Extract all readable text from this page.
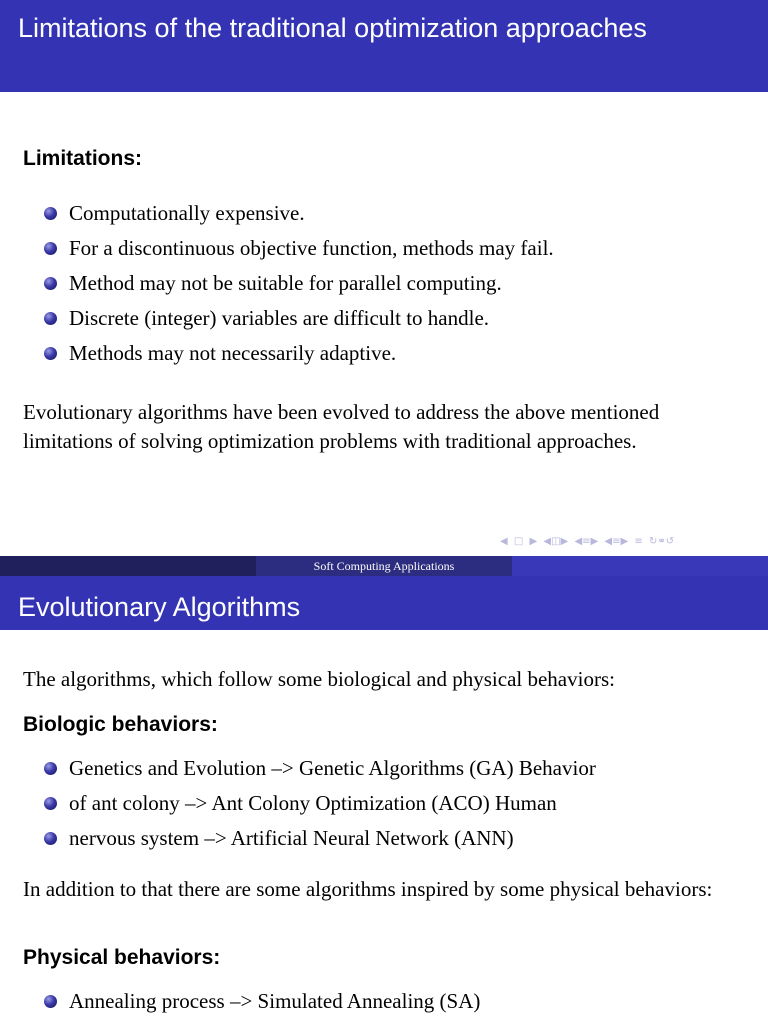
Limitations of the traditional optimization approaches
Limitations:
Computationally expensive.
For a discontinuous objective function, methods may fail.
Method may not be suitable for parallel computing.
Discrete (integer) variables are difficult to handle.
Methods may not necessarily adaptive.
Evolutionary algorithms have been evolved to address the above mentioned limitations of solving optimization problems with traditional approaches.
◀ □ ▶ ◀◫▶ ◀≡▶ ◀≡▶ ≡ ↻⚭↺
Soft Computing Applications
Evolutionary Algorithms
The algorithms, which follow some biological and physical behaviors:
Biologic behaviors:
Genetics and Evolution –> Genetic Algorithms (GA) Behavior
of ant colony –> Ant Colony Optimization (ACO) Human
nervous system –> Artificial Neural Network (ANN)
In addition to that there are some algorithms inspired by some physical behaviors:
Physical behaviors:
Annealing process –> Simulated Annealing (SA)
